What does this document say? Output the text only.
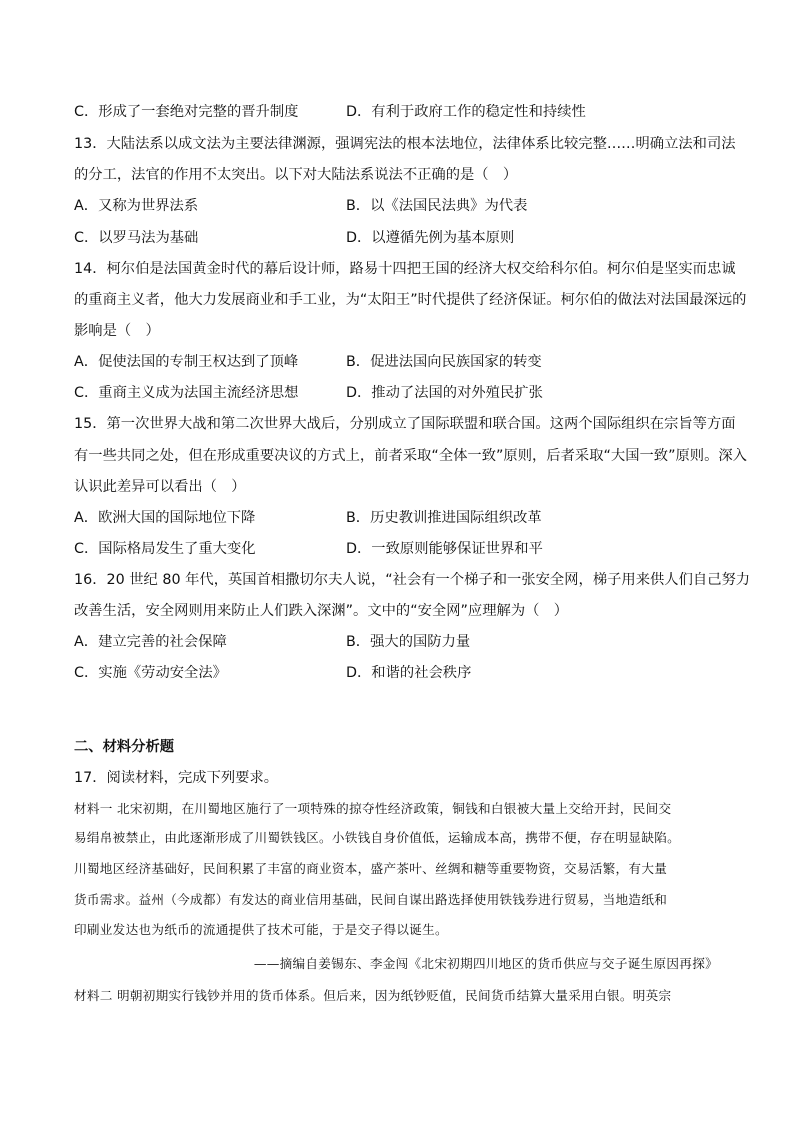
C．形成了一套绝对完整的晋升制度	D．有利于政府工作的稳定性和持续性
13．大陆法系以成文法为主要法律渊源，强调宪法的根本法地位，法律体系比较完整……明确立法和司法
的分工，法官的作用不太突出。以下对大陆法系说法不正确的是（　）
A．又称为世界法系	B．以《法国民法典》为代表
C．以罗马法为基础	D．以遵循先例为基本原则
14．柯尔伯是法国黄金时代的幕后设计师，路易十四把王国的经济大权交给科尔伯。柯尔伯是坚实而忠诚
的重商主义者，他大力发展商业和手工业，为“太阳王”时代提供了经济保证。柯尔伯的做法对法国最深远的
影响是（　）
A．促使法国的专制王权达到了顶峰	B．促进法国向民族国家的转变
C．重商主义成为法国主流经济思想	D．推动了法国的对外殖民扩张
15．第一次世界大战和第二次世界大战后，分别成立了国际联盟和联合国。这两个国际组织在宗旨等方面
有一些共同之处，但在形成重要决议的方式上，前者采取“全体一致”原则，后者采取“大国一致”原则。深入
认识此差异可以看出（　）
A．欧洲大国的国际地位下降	B．历史教训推进国际组织改革
C．国际格局发生了重大变化	D．一致原则能够保证世界和平
16．20 世纪 80 年代，英国首相撒切尔夫人说，“社会有一个梯子和一张安全网，梯子用来供人们自己努力
改善生活，安全网则用来防止人们跌入深渊”。文中的“安全网”应理解为（　）
A．建立完善的社会保障	B．强大的国防力量
C．实施《劳动安全法》	D．和谐的社会秩序
二、材料分析题
17．阅读材料，完成下列要求。
材料一 北宋初期，在川蜀地区施行了一项特殊的掠夺性经济政策，铜钱和白银被大量上交给开封，民间交
易绢帛被禁止，由此逐渐形成了川蜀铁钱区。小铁钱自身价值低，运输成本高，携带不便，存在明显缺陷。
川蜀地区经济基础好，民间积累了丰富的商业资本，盛产茶叶、丝绸和糖等重要物资，交易活繁，有大量
货币需求。益州（今成都）有发达的商业信用基础，民间自谋出路选择使用铁钱券进行贸易，当地造纸和
印刷业发达也为纸币的流通提供了技术可能，于是交子得以诞生。
——摘编自姜锡东、李金闯《北宋初期四川地区的货币供应与交子诞生原因再探》
材料二 明朝初期实行钱钞并用的货币体系。但后来，因为纸钞贬值，民间货币结算大量采用白银。明英宗
